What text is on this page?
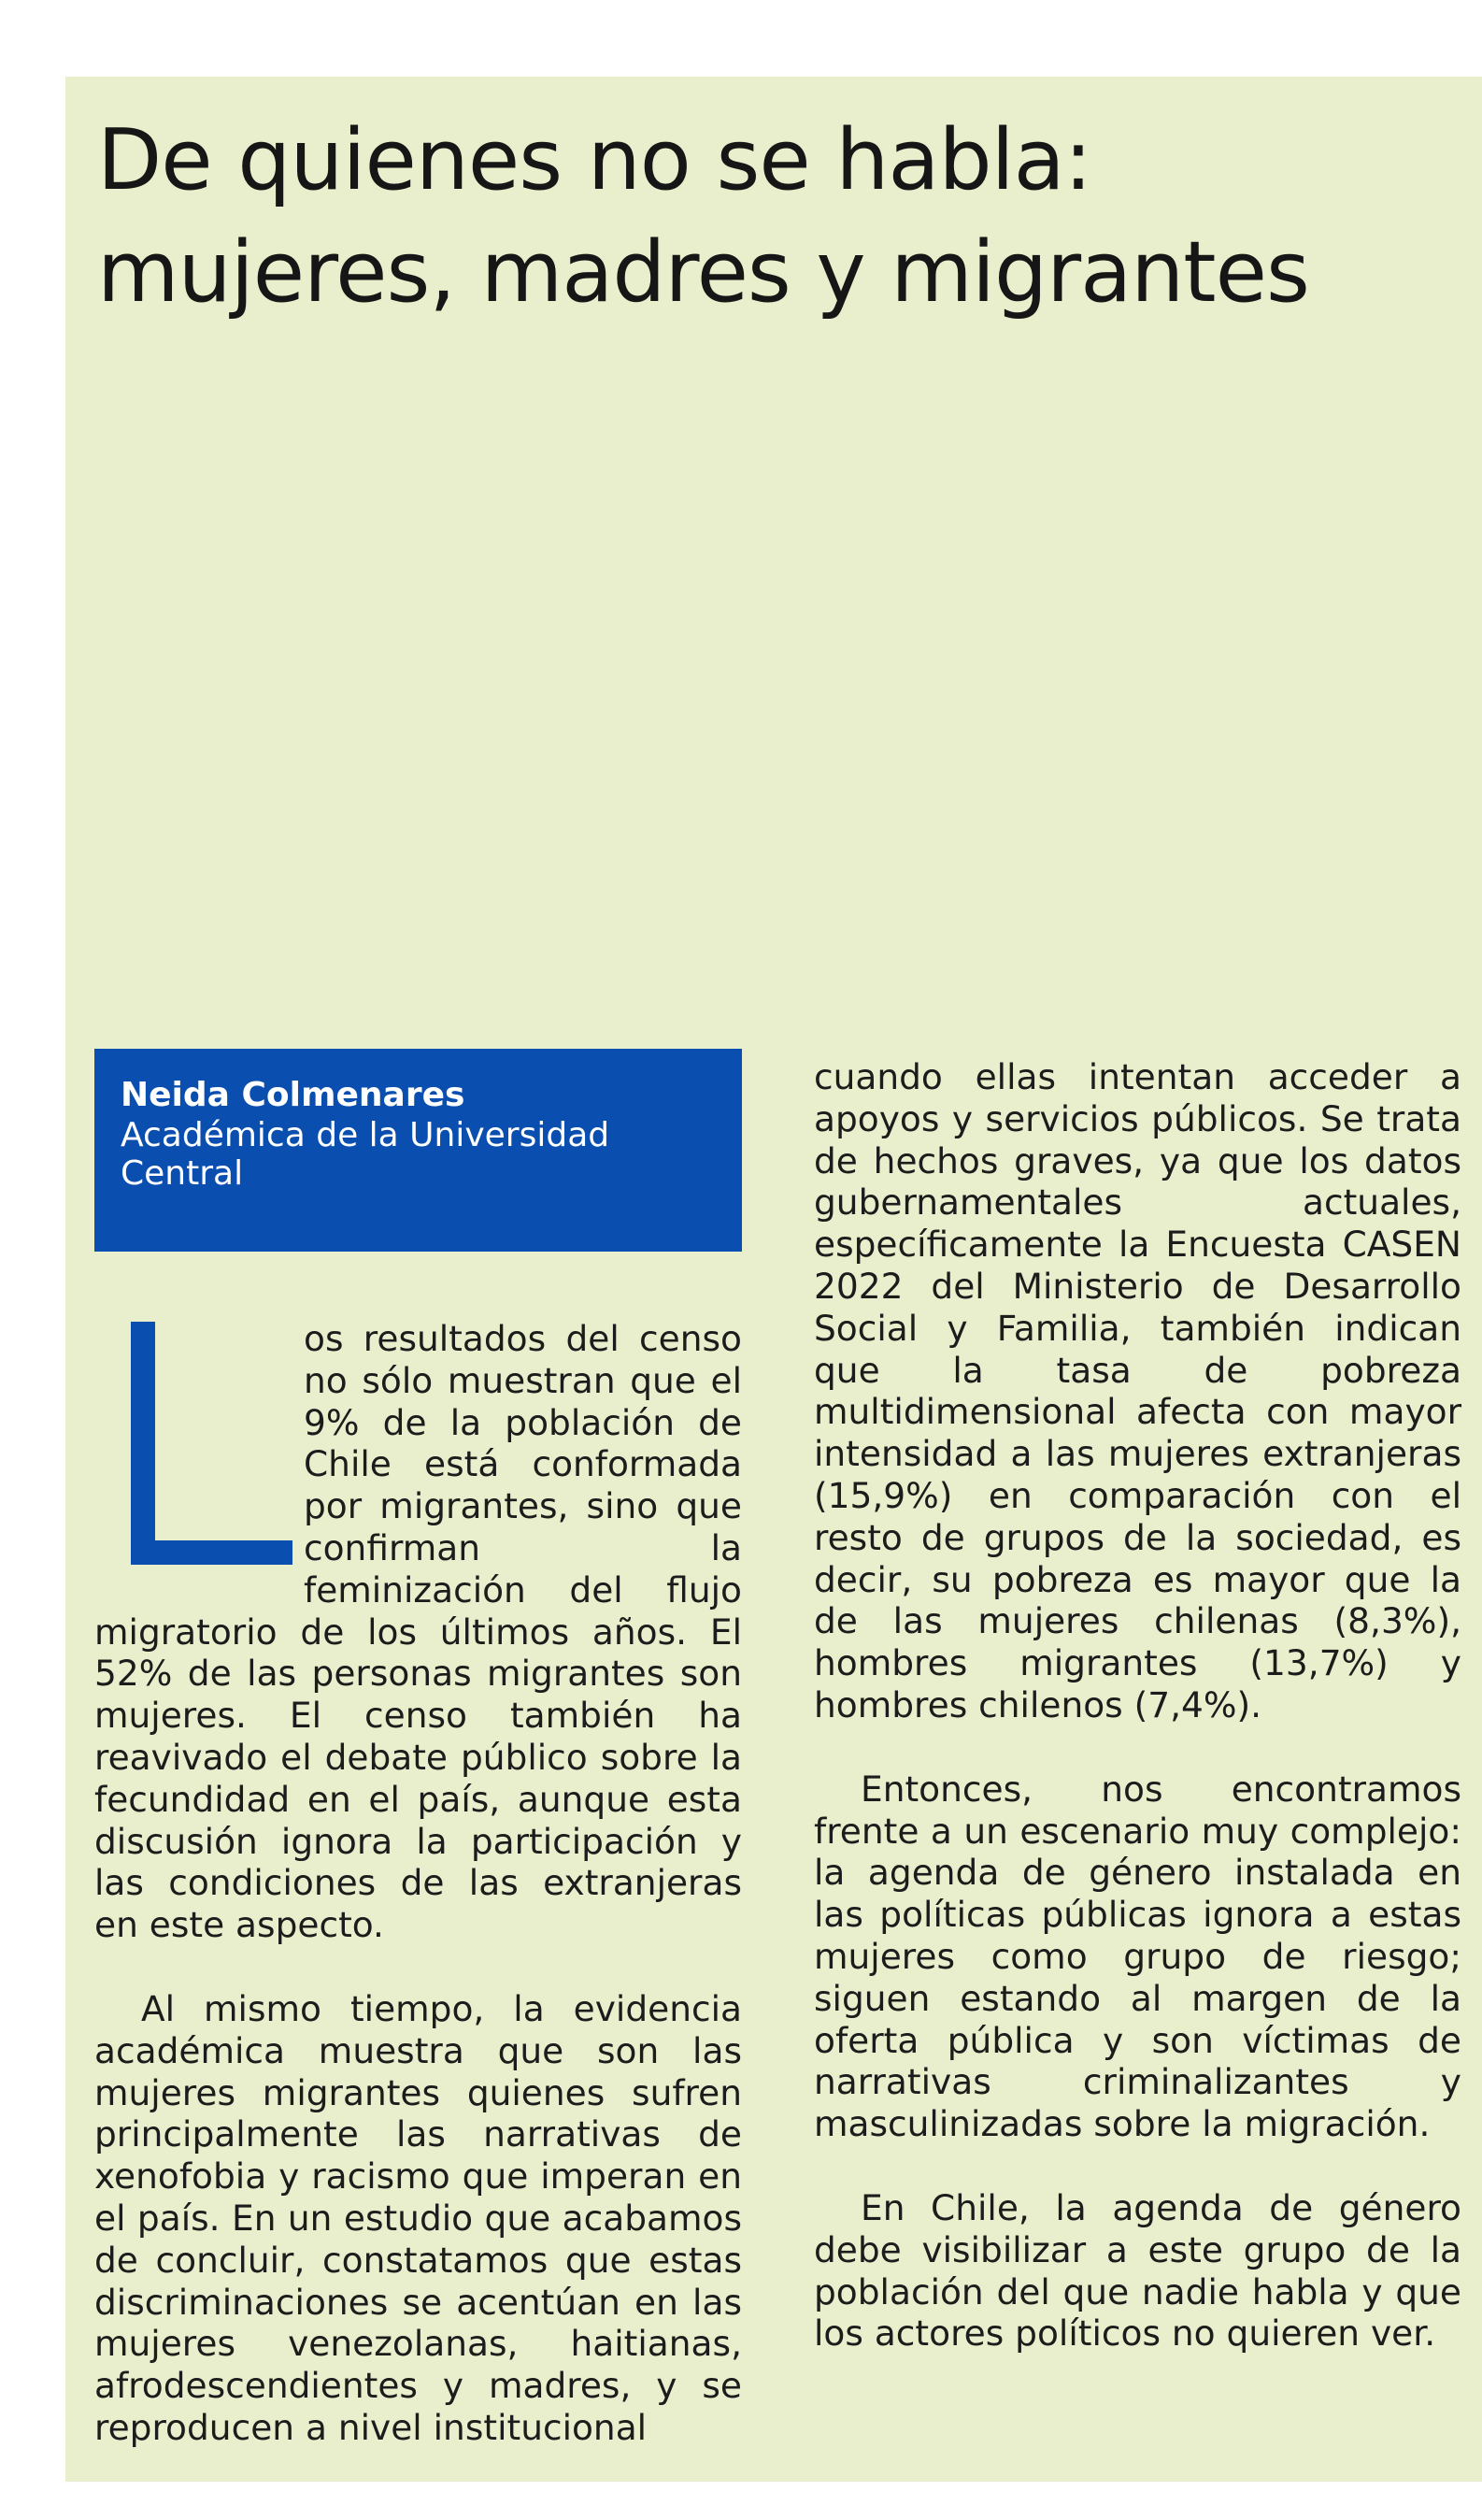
De quienes no se habla: mujeres, madres y migrantes
Neida Colmenares
Académica de la Universidad Central

os resultados del censo no sólo muestran que el 9% de la población de Chile está conformada por migrantes, sino que confirman la feminización del flujo migratorio de los últimos años. El 52% de las personas migrantes son mujeres. El censo también ha reavivado el debate público sobre la fecundidad en el país, aunque esta discusión ignora la participación y las condiciones de las extranjeras en este aspecto.

Al mismo tiempo, la evidencia académica muestra que son las mujeres migrantes quienes sufren principalmente las narrativas de xenofobia y racismo que imperan en el país. En un estudio que acabamos de concluir, constatamos que estas discriminaciones se acentúan en las mujeres venezolanas, haitianas, afrodescendientes y madres, y se reproducen a nivel institucional

cuando ellas intentan acceder a apoyos y servicios públicos. Se trata de hechos graves, ya que los datos gubernamentales actuales, específicamente la Encuesta CASEN 2022 del Ministerio de Desarrollo Social y Familia, también indican que la tasa de pobreza multidimensional afecta con mayor intensidad a las mujeres extranjeras (15,9%) en comparación con el resto de grupos de la sociedad, es decir, su pobreza es mayor que la de las mujeres chilenas (8,3%), hombres migrantes (13,7%) y hombres chilenos (7,4%).

Entonces, nos encontramos frente a un escenario muy complejo: la agenda de género instalada en las políticas públicas ignora a estas mujeres como grupo de riesgo; siguen estando al margen de la oferta pública y son víctimas de narrativas criminalizantes y masculinizadas sobre la migración.

En Chile, la agenda de género debe visibilizar a este grupo de la población del que nadie habla y que los actores políticos no quieren ver.
